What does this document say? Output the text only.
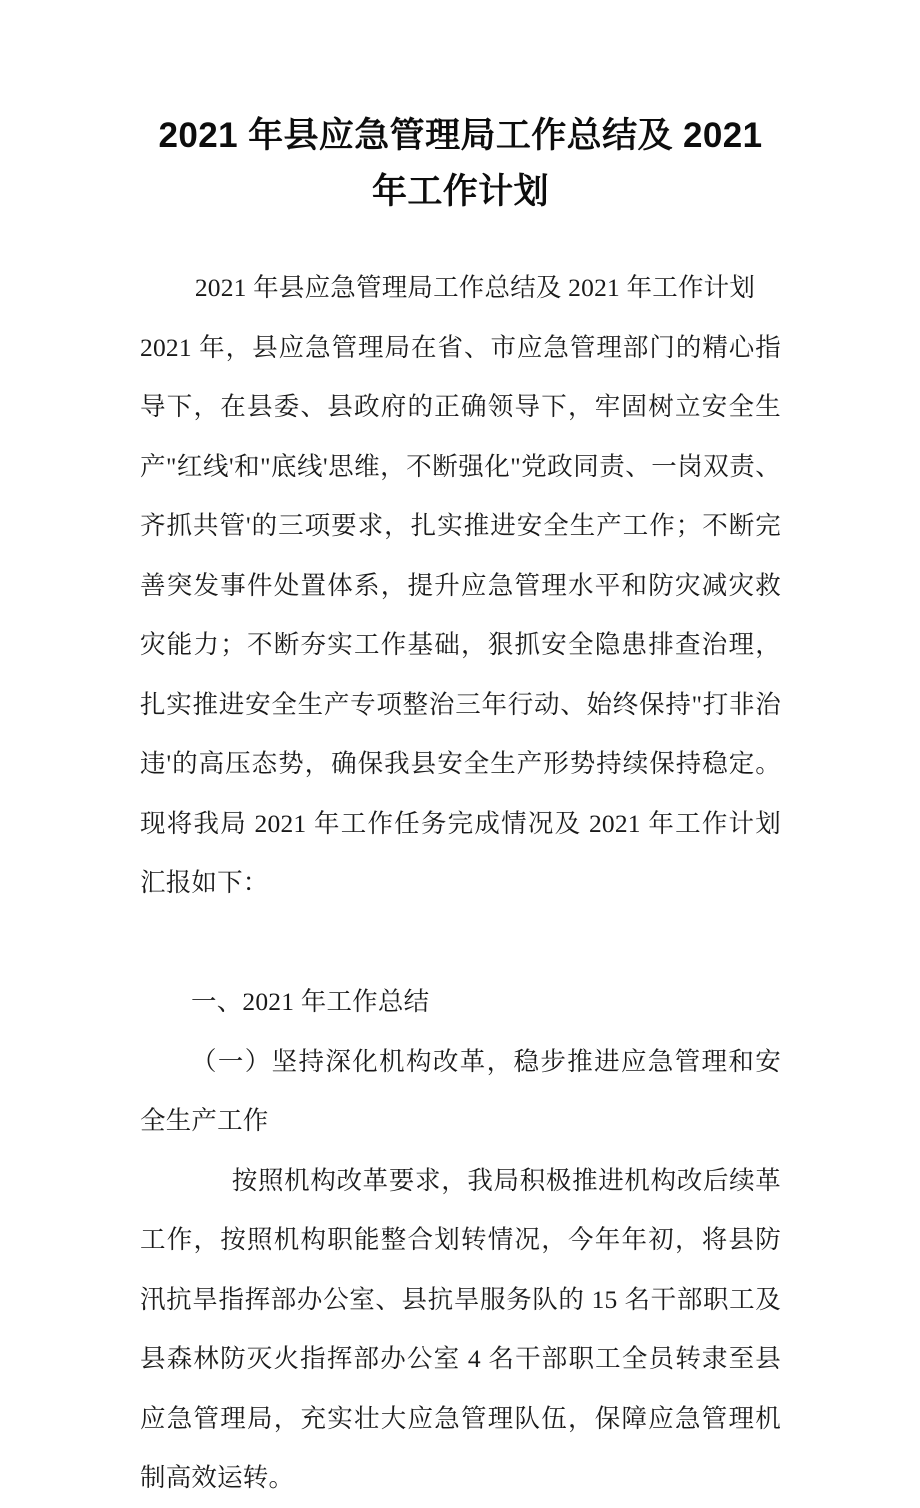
2021 年县应急管理局工作总结及 2021 年工作计划

2021 年县应急管理局工作总结及 2021 年工作计划

2021 年，县应急管理局在省、市应急管理部门的精心指导下，在县委、县政府的正确领导下，牢固树立安全生产"红线'和"底线'思维，不断强化"党政同责、一岗双责、齐抓共管'的三项要求，扎实推进安全生产工作；不断完善突发事件处置体系，提升应急管理水平和防灾减灾救灾能力；不断夯实工作基础，狠抓安全隐患排查治理，扎实推进安全生产专项整治三年行动、始终保持"打非治违'的高压态势，确保我县安全生产形势持续保持稳定。现将我局 2021 年工作任务完成情况及 2021 年工作计划汇报如下：

一、2021 年工作总结

（一）坚持深化机构改革，稳步推进应急管理和安全生产工作

按照机构改革要求，我局积极推进机构改后续革工作，按照机构职能整合划转情况，今年年初，将县防汛抗旱指挥部办公室、县抗旱服务队的 15 名干部职工及县森林防灭火指挥部办公室 4 名干部职工全员转隶至县应急管理局，充实壮大应急管理队伍，保障应急管理机制高效运转。
